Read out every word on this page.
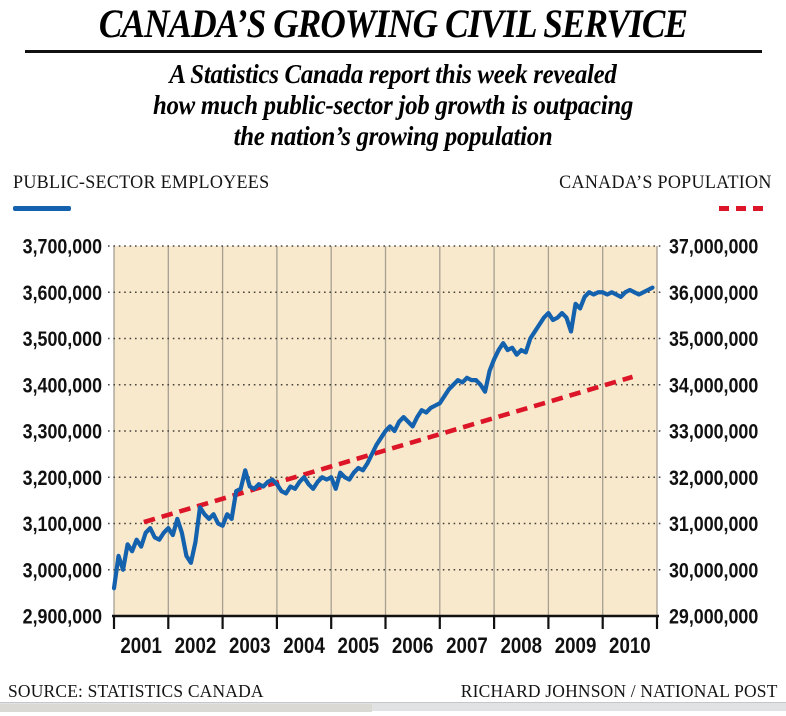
3,700,000	37,000,000
3,600,000	36,000,000
3,500,000	35,000,000
3,400,000	34,000,000
3,300,000	33,000,000
3,200,000	32,000,000
3,100,000	31,000,000
3,000,000	30,000,000
2,900,000	29,000,000
2001 2002 2003 2004 2005 2006 2007 2008 2009 2010
CANADA’S GROWING CIVIL SERVICE
A Statistics Canada report this week revealed
how much public-sector job growth is outpacing
the nation’s growing population
PUBLIC-SECTOR EMPLOYEES	CANADA’S POPULATION
SOURCE: STATISTICS CANADA	RICHARD JOHNSON / NATIONAL POST
